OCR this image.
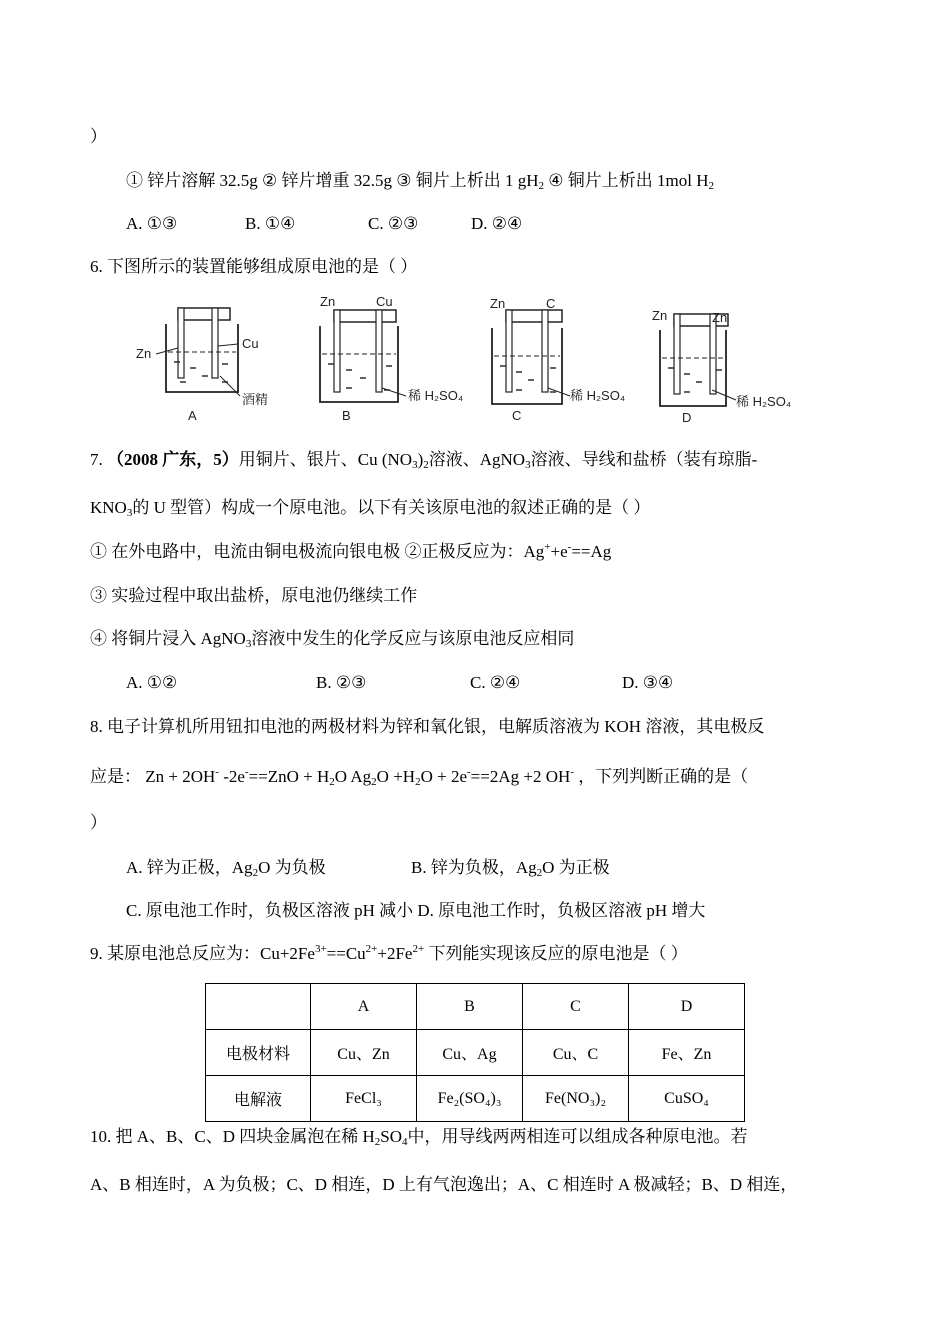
）
① 锌片溶解 32.5g ② 锌片增重 32.5g ③ 铜片上析出 1 $gH_2$ ④ 铜片上析出 1mol $H_2$
A. ①③	B. ①④	C. ②③	D. ②④
6. 下图所示的装置能够组成原电池的是（ ）
Zn
Cu
酒精
A
Zn	Cu
稀 H₂SO₄
B
Zn	C
稀 H₂SO₄
C
Zn	Zn
稀 H₂SO₄
D
7. （2008 广东，5）用铜片、银片、Cu $(NO_3)_2$溶液、AgNO$_3$溶液、导线和盐桥（装有琼脂-
$KNO_3$的 U 型管）构成一个原电池。以下有关该原电池的叙述正确的是（ ）
① 在外电路中，电流由铜电极流向银电极 ②正极反应为：Ag++e-==Ag
③ 实验过程中取出盐桥，原电池仍继续工作
④ 将铜片浸入 AgNO$_3$溶液中发生的化学反应与该原电池反应相同
A. ①②	B. ②③	C. ②④	D. ③④
8. 电子计算机所用钮扣电池的两极材料为锌和氧化银，电解质溶液为 KOH 溶液，其电极反
应是： Zn + 2OH- $-2e^-==ZnO + H_2O$ $Ag_2O +H_2O + 2e^-==2Ag +2$ OH- ，下列判断正确的是（
）
A. 锌为正极，$Ag_2O$ 为负极	B. 锌为负极，$Ag_2O$ 为正极
C. 原电池工作时，负极区溶液 pH 减小 D. 原电池工作时，负极区溶液 pH 增大
9. 某原电池总反应为：$Cu+2Fe^{3+}==Cu^{2+}+2Fe^{2+}$ 下列能实现该反应的原电池是（ ）
	A	B	C	D
电极材料	Cu、Zn	Cu、Ag	Cu、C	Fe、Zn
电解液	FeCl₃	Fe₂(SO₄)₃	Fe(NO₃)₂	CuSO₄
10. 把 A、B、C、D 四块金属泡在稀 $H_2SO_4$中，用导线两两相连可以组成各种原电池。若
A、B 相连时，A 为负极；C、D 相连，D 上有气泡逸出；A、C 相连时 A 极减轻；B、D 相连，
